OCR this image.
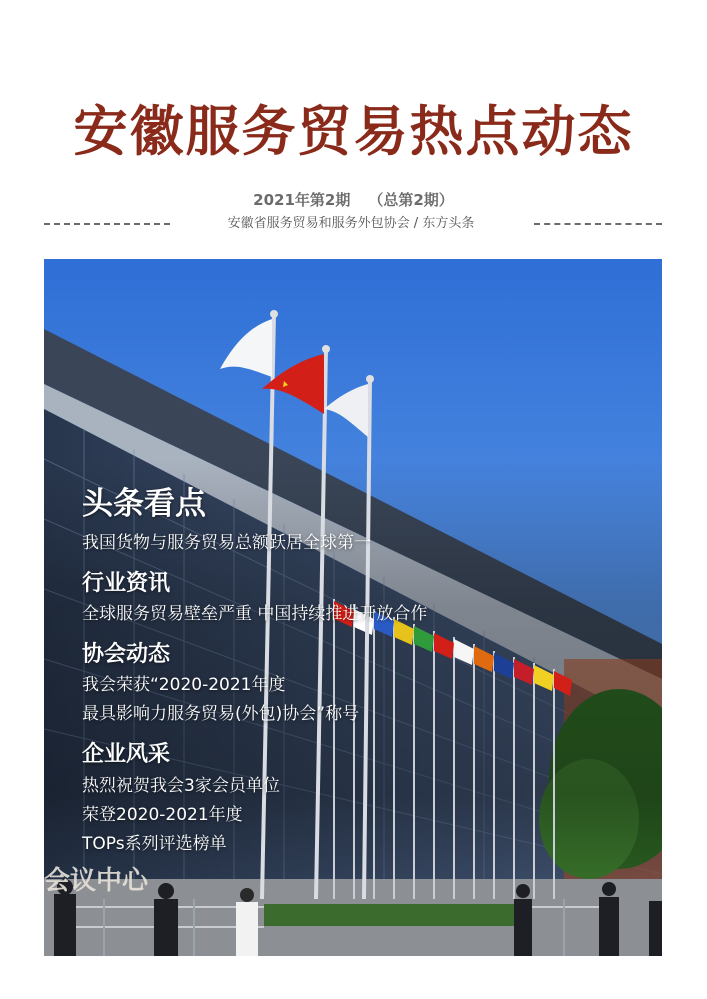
安徽服务贸易热点动态
2021年第2期 （总第2期）
安徽省服务贸易和服务外包协会 / 东方头条
会议中心
头条看点
我国货物与服务贸易总额跃居全球第一
行业资讯
全球服务贸易壁垒严重 中国持续推进开放合作
协会动态
我会荣获“2020-2021年度
最具影响力服务贸易(外包)协会”称号
企业风采
热烈祝贺我会3家会员单位
荣登2020-2021年度
TOPs系列评选榜单
